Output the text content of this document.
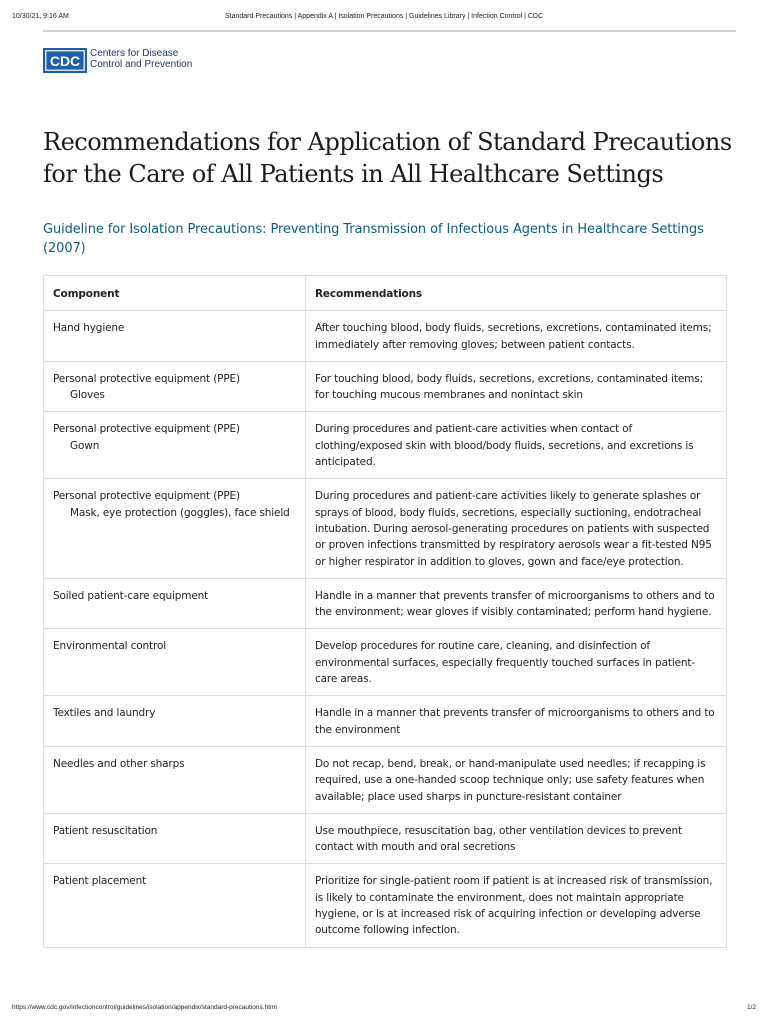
10/30/21, 9:16 AM	Standard Precautions | Appendix A | Isolation Precautions | Guidelines Library | Infection Control | CDC
CDC Centers for Disease
Control and Prevention
Recommendations for Application of Standard Precautions for the Care of All Patients in All Healthcare Settings

Guideline for Isolation Precautions: Preventing Transmission of Infectious Agents in Healthcare Settings (2007)

Component	Recommendations
Hand hygiene	After touching blood, body fluids, secretions, excretions, contaminated items; immediately after removing gloves; between patient contacts.
Personal protective equipment (PPE)
Gloves	For touching blood, body fluids, secretions, excretions, contaminated items; for touching mucous membranes and nonintact skin
Personal protective equipment (PPE)
Gown	During procedures and patient-care activities when contact of clothing/exposed skin with blood/body fluids, secretions, and excretions is anticipated.
Personal protective equipment (PPE)
Mask, eye protection (goggles), face shield	During procedures and patient-care activities likely to generate splashes or sprays of blood, body fluids, secretions, especially suctioning, endotracheal intubation. During aerosol-generating procedures on patients with suspected or proven infections transmitted by respiratory aerosols wear a fit-tested N95 or higher respirator in addition to gloves, gown and face/eye protection.
Soiled patient-care equipment	Handle in a manner that prevents transfer of microorganisms to others and to the environment; wear gloves if visibly contaminated; perform hand hygiene.
Environmental control	Develop procedures for routine care, cleaning, and disinfection of environmental surfaces, especially frequently touched surfaces in patient-care areas.
Textiles and laundry	Handle in a manner that prevents transfer of microorganisms to others and to the environment
Needles and other sharps	Do not recap, bend, break, or hand-manipulate used needles; if recapping is required, use a one-handed scoop technique only; use safety features when available; place used sharps in puncture-resistant container
Patient resuscitation	Use mouthpiece, resuscitation bag, other ventilation devices to prevent contact with mouth and oral secretions
Patient placement	Prioritize for single-patient room if patient is at increased risk of transmission, is likely to contaminate the environment, does not maintain appropriate hygiene, or is at increased risk of acquiring infection or developing adverse outcome following infection.
https://www.cdc.gov/infectioncontrol/guidelines/isolation/appendix/standard-precautions.html	1/2
